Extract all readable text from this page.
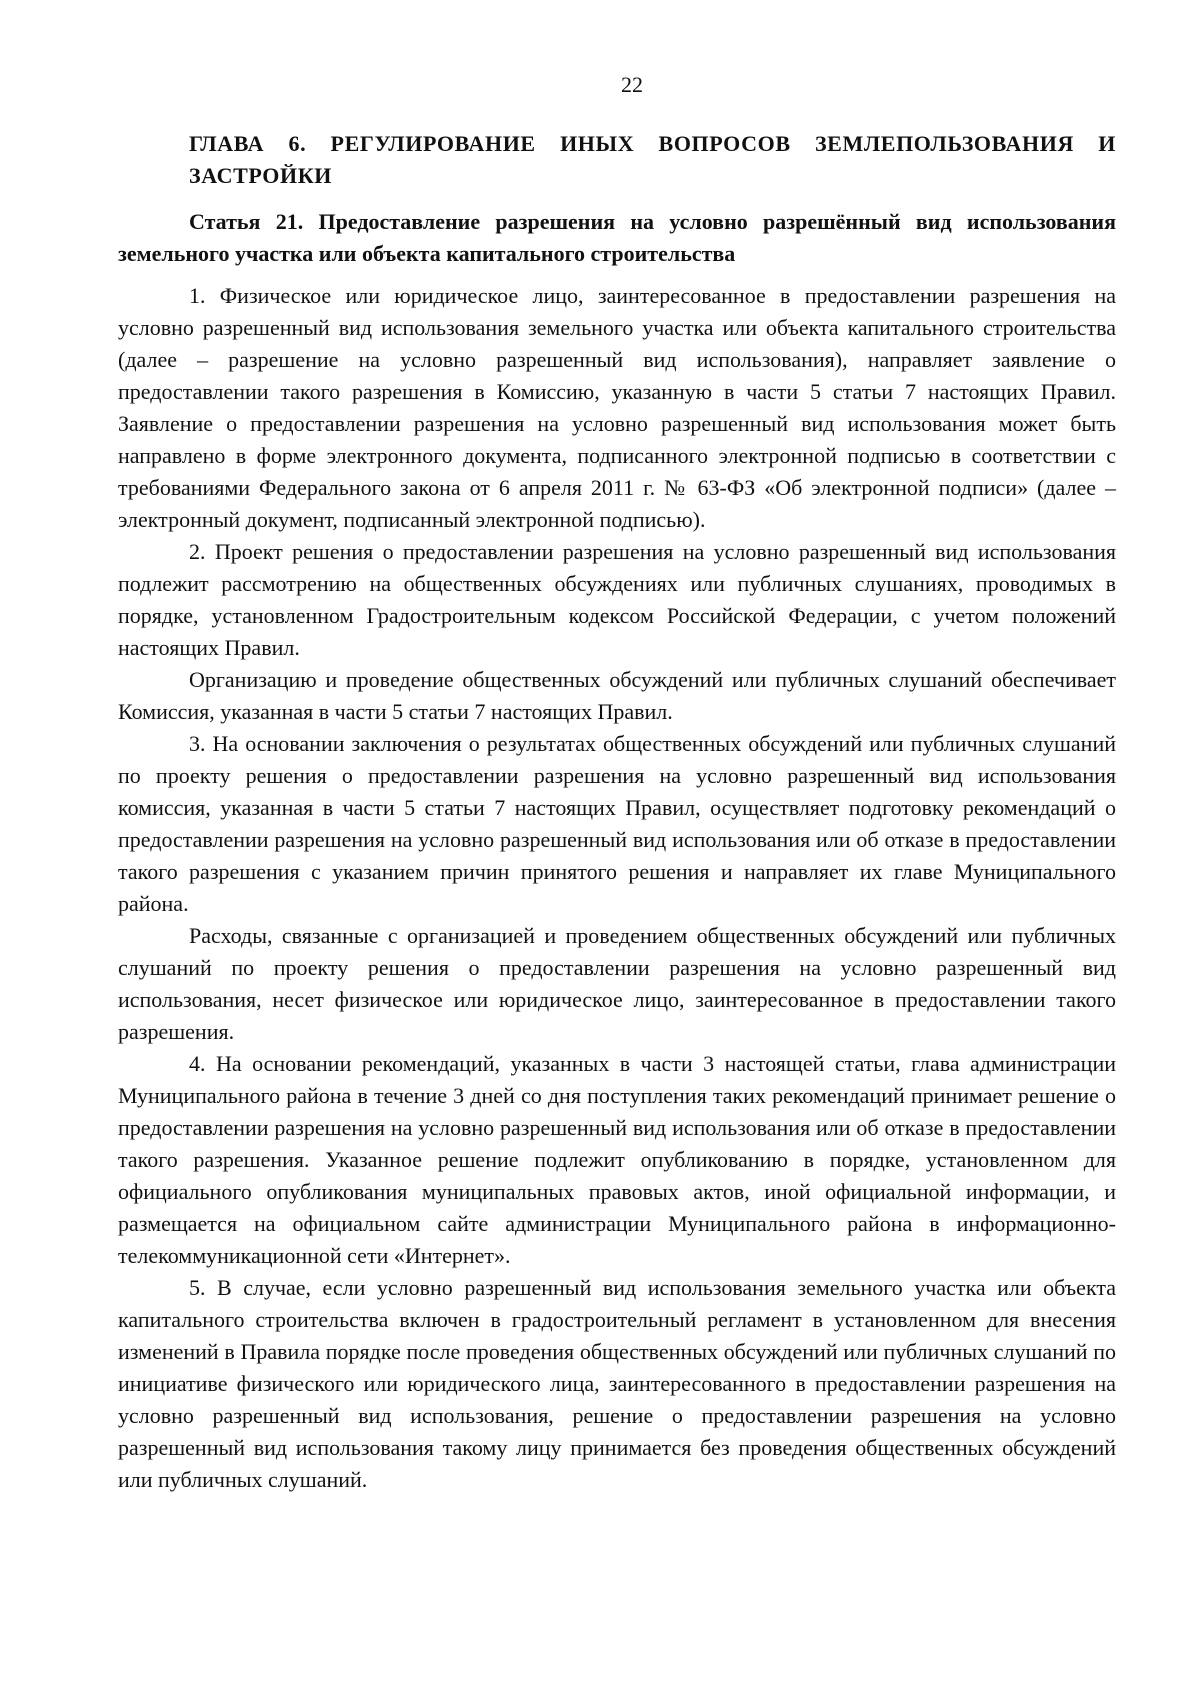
22
ГЛАВА 6. РЕГУЛИРОВАНИЕ ИНЫХ ВОПРОСОВ ЗЕМЛЕПОЛЬЗОВАНИЯ И ЗАСТРОЙКИ
Статья 21. Предоставление разрешения на условно разрешённый вид использования земельного участка или объекта капитального строительства

1. Физическое или юридическое лицо, заинтересованное в предоставлении разрешения на условно разрешенный вид использования земельного участка или объекта капитального строительства (далее – разрешение на условно разрешенный вид использования), направляет заявление о предоставлении такого разрешения в Комиссию, указанную в части 5 статьи 7 настоящих Правил. Заявление о предоставлении разрешения на условно разрешенный вид использования может быть направлено в форме электронного документа, подписанного электронной подписью в соответствии с требованиями Федерального закона от 6 апреля 2011 г. № 63-ФЗ «Об электронной подписи» (далее – электронный документ, подписанный электронной подписью).

2. Проект решения о предоставлении разрешения на условно разрешенный вид использования подлежит рассмотрению на общественных обсуждениях или публичных слушаниях, проводимых в порядке, установленном Градостроительным кодексом Российской Федерации, с учетом положений настоящих Правил.

Организацию и проведение общественных обсуждений или публичных слушаний обеспечивает Комиссия, указанная в части 5 статьи 7 настоящих Правил.

3. На основании заключения о результатах общественных обсуждений или публичных слушаний по проекту решения о предоставлении разрешения на условно разрешенный вид использования комиссия, указанная в части 5 статьи 7 настоящих Правил, осуществляет подготовку рекомендаций о предоставлении разрешения на условно разрешенный вид использования или об отказе в предоставлении такого разрешения с указанием причин принятого решения и направляет их главе Муниципального района.

Расходы, связанные с организацией и проведением общественных обсуждений или публичных слушаний по проекту решения о предоставлении разрешения на условно разрешенный вид использования, несет физическое или юридическое лицо, заинтересованное в предоставлении такого разрешения.

4. На основании рекомендаций, указанных в части 3 настоящей статьи, глава администрации Муниципального района в течение 3 дней со дня поступления таких рекомендаций принимает решение о предоставлении разрешения на условно разрешенный вид использования или об отказе в предоставлении такого разрешения. Указанное решение подлежит опубликованию в порядке, установленном для официального опубликования муниципальных правовых актов, иной официальной информации, и размещается на официальном сайте администрации Муниципального района в информационно-телекоммуникационной сети «Интернет».

5. В случае, если условно разрешенный вид использования земельного участка или объекта капитального строительства включен в градостроительный регламент в установленном для внесения изменений в Правила порядке после проведения общественных обсуждений или публичных слушаний по инициативе физического или юридического лица, заинтересованного в предоставлении разрешения на условно разрешенный вид использования, решение о предоставлении разрешения на условно разрешенный вид использования такому лицу принимается без проведения общественных обсуждений или публичных слушаний.
